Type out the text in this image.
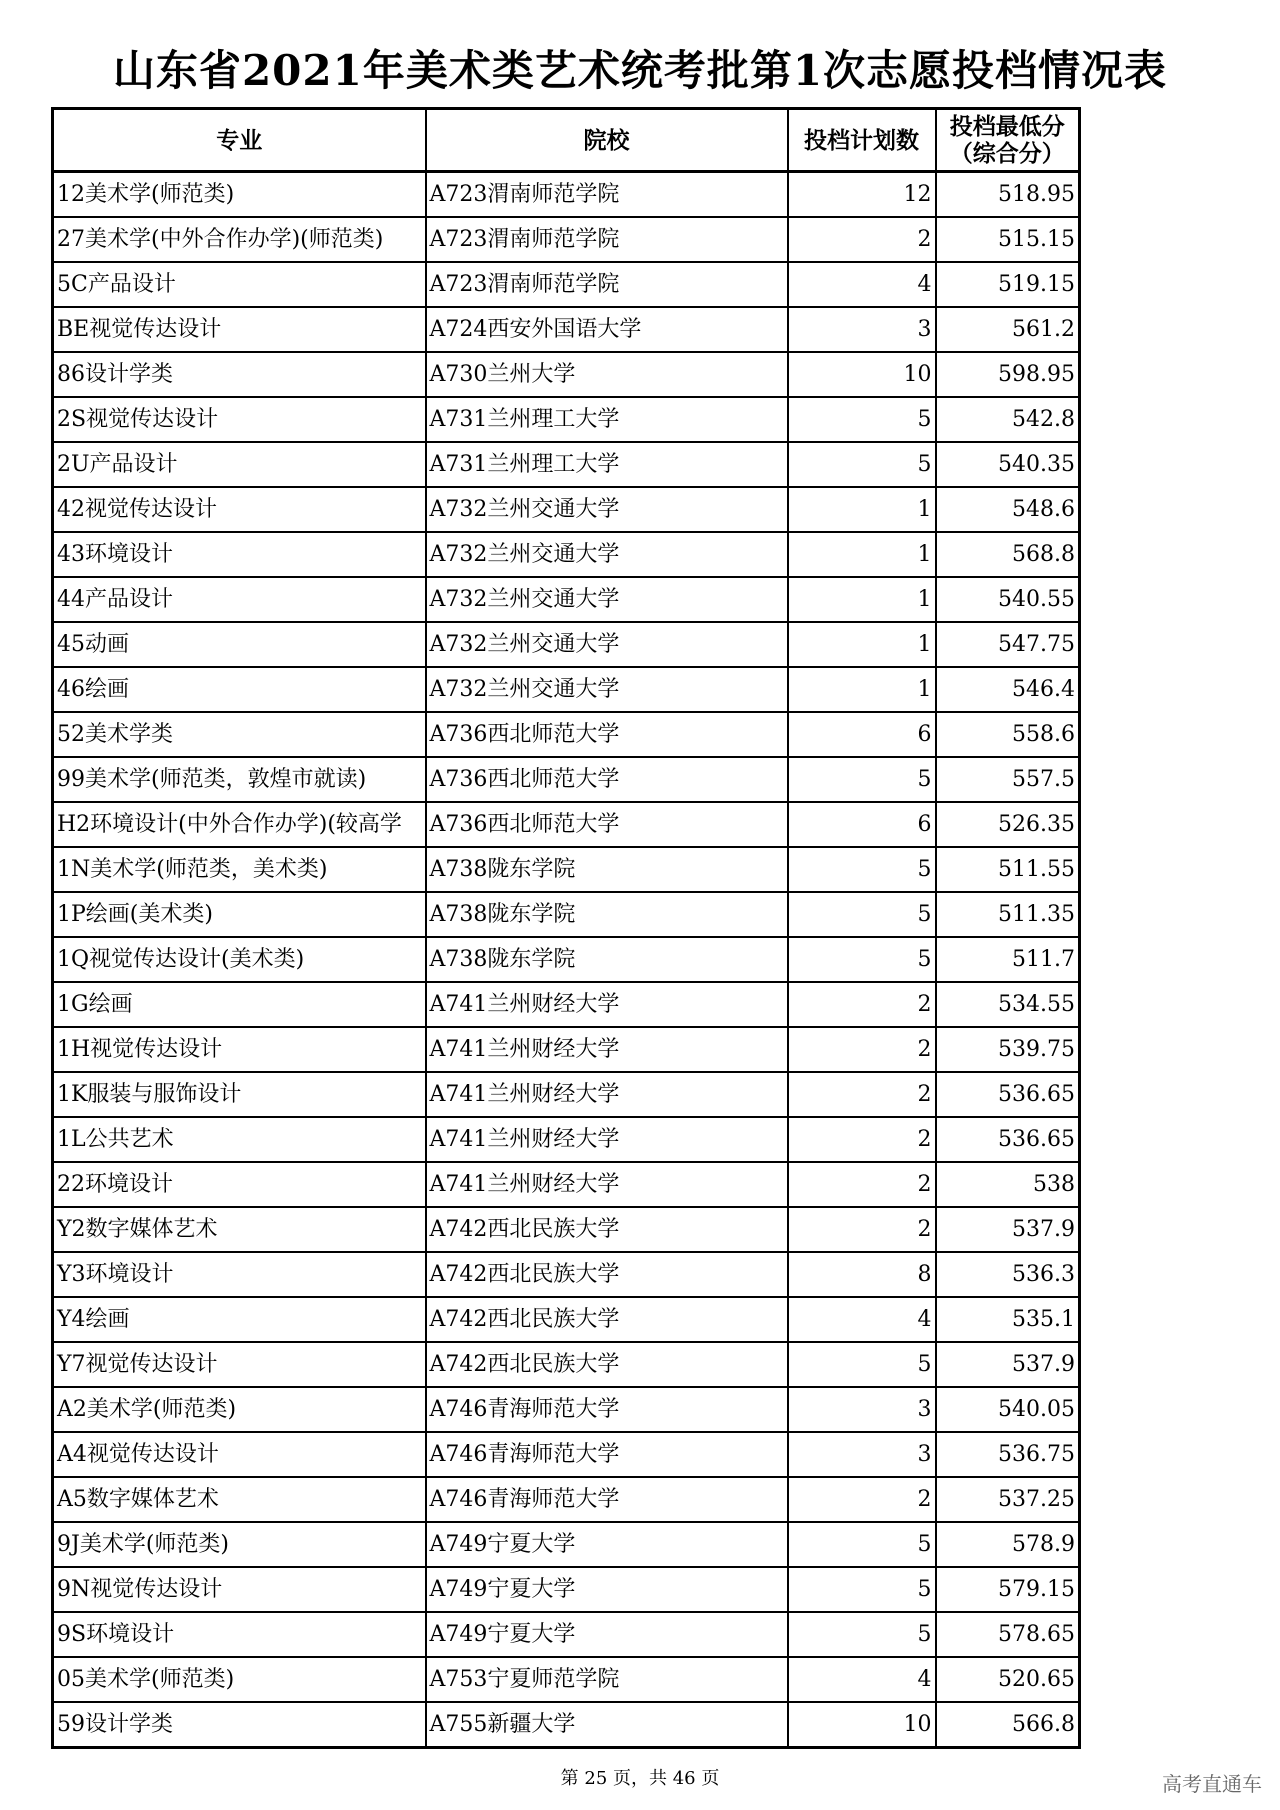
山东省2021年美术类艺术统考批第1次志愿投档情况表
专业	院校	投档计划数	投档最低分
（综合分）

12美术学(师范类)	A723渭南师范学院	12	518.95
27美术学(中外合作办学)(师范类)	A723渭南师范学院	2	515.15
5C产品设计	A723渭南师范学院	4	519.15
BE视觉传达设计	A724西安外国语大学	3	561.2
86设计学类	A730兰州大学	10	598.95
2S视觉传达设计	A731兰州理工大学	5	542.8
2U产品设计	A731兰州理工大学	5	540.35
42视觉传达设计	A732兰州交通大学	1	548.6
43环境设计	A732兰州交通大学	1	568.8
44产品设计	A732兰州交通大学	1	540.55
45动画	A732兰州交通大学	1	547.75
46绘画	A732兰州交通大学	1	546.4
52美术学类	A736西北师范大学	6	558.6
99美术学(师范类，敦煌市就读)	A736西北师范大学	5	557.5
H2环境设计(中外合作办学)(较高学	A736西北师范大学	6	526.35
1N美术学(师范类，美术类)	A738陇东学院	5	511.55
1P绘画(美术类)	A738陇东学院	5	511.35
1Q视觉传达设计(美术类)	A738陇东学院	5	511.7
1G绘画	A741兰州财经大学	2	534.55
1H视觉传达设计	A741兰州财经大学	2	539.75
1K服装与服饰设计	A741兰州财经大学	2	536.65
1L公共艺术	A741兰州财经大学	2	536.65
22环境设计	A741兰州财经大学	2	538
Y2数字媒体艺术	A742西北民族大学	2	537.9
Y3环境设计	A742西北民族大学	8	536.3
Y4绘画	A742西北民族大学	4	535.1
Y7视觉传达设计	A742西北民族大学	5	537.9
A2美术学(师范类)	A746青海师范大学	3	540.05
A4视觉传达设计	A746青海师范大学	3	536.75
A5数字媒体艺术	A746青海师范大学	2	537.25
9J美术学(师范类)	A749宁夏大学	5	578.9
9N视觉传达设计	A749宁夏大学	5	579.15
9S环境设计	A749宁夏大学	5	578.65
05美术学(师范类)	A753宁夏师范学院	4	520.65
59设计学类	A755新疆大学	10	566.8
第 25 页，共 46 页	高考直通车
